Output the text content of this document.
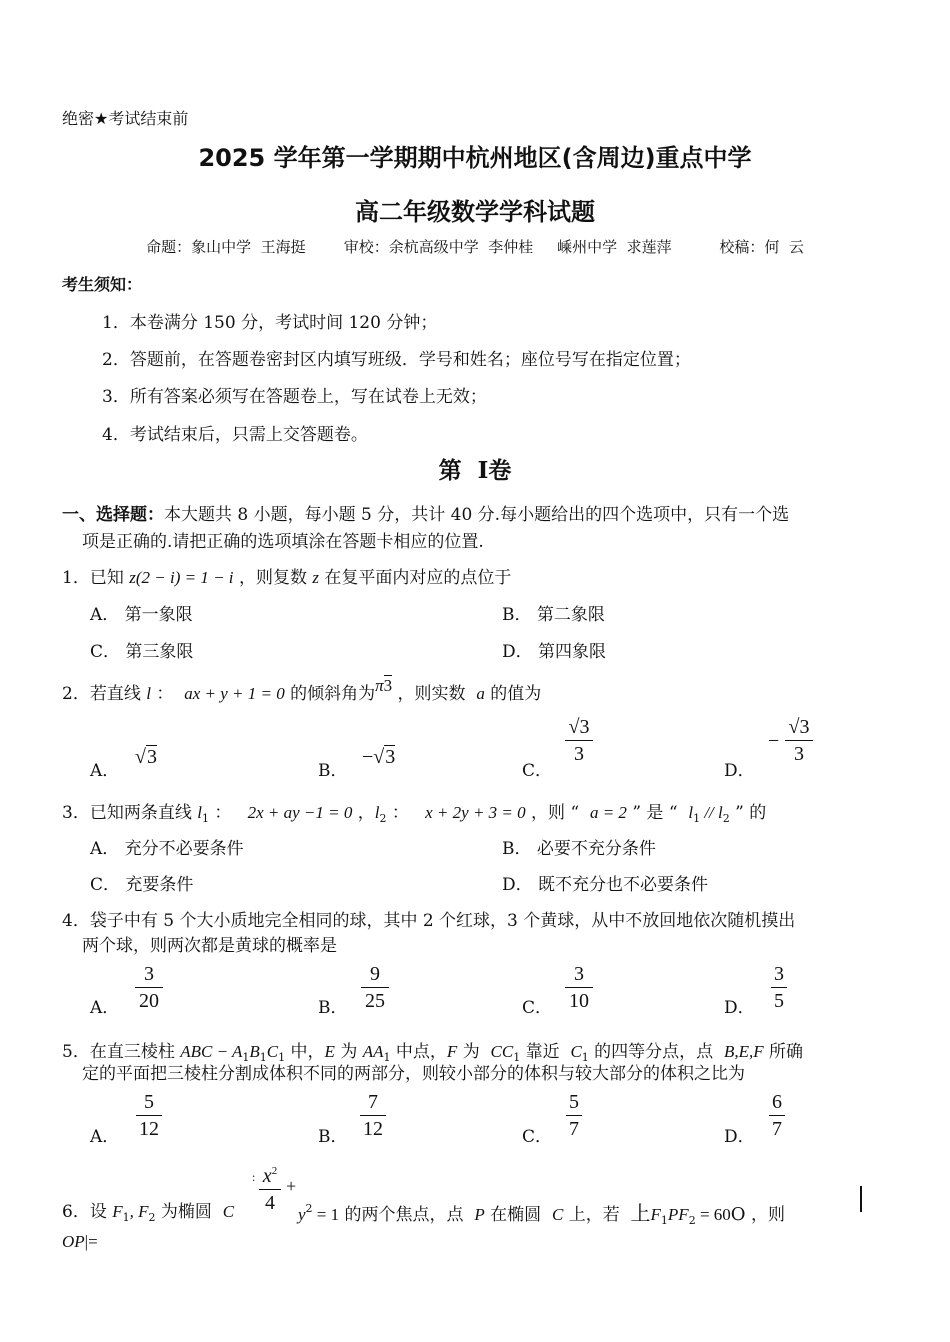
绝密★考试结束前
2025 学年第一学期期中杭州地区(含周边)重点中学
高二年级数学学科试题
命题：象山中学  王海挺        审校：余杭高级中学  李仲桂     嵊州中学  求莲萍          校稿：何  云
考生须知：
1．本卷满分 150 分，考试时间 120 分钟；
2．答题前，在答题卷密封区内填写班级．学号和姓名；座位号写在指定位置；
3．所有答案必须写在答题卷上，写在试卷上无效；
4．考试结束后，只需上交答题卷。
第  Ⅰ卷
一、选择题：本大题共 8 小题，每小题 5 分，共计 40 分.每小题给出的四个选项中，只有一个选
项是正确的.请把正确的选项填涂在答题卡相应的位置.
1．已知 z(2 − i) = 1 − i ，则复数 z 在复平面内对应的点位于
A． 第一象限	B． 第二象限
C． 第三象限	D． 第四象限
2．若直线 l ：  ax + y + 1 = 0 的倾斜角为π3 ，则实数  a 的值为
A．
√3
B．
−√3
C．
√3
3
D．
−
√3
3
3．已知两条直线 $l_1$ ：   2x + ay −1 = 0 ，$l_2$ ：   x + 2y + 3 = 0 ，则 “  a = 2 ” 是 “  $l_1 // l_2$ ” 的
A． 充分不必要条件	B． 必要不充分条件
C． 充要条件	D． 既不充分也不必要条件
4．袋子中有 5 个大小质地完全相同的球，其中 2 个红球，3 个黄球，从中不放回地依次随机摸出
两个球，则两次都是黄球的概率是
A．
3
20	B．
9
25	C．
3
10	D．
3
5
5．在直三棱柱 ABC − $A_1B_1C_1$ 中，E 为 $AA_1$ 中点，F 为  $CC_1$ 靠近  $C_1$ 的四等分点，点  B,E,F 所确
定的平面把三棱柱分割成体积不同的两部分，则较小部分的体积与较大部分的体积之比为
A．
5
12	B．
7
12	C．
5
7	D．
6
7
6．设 $F_1$, $F_2$ 为椭圆  C
: $x^2$
4
+
$y^2 = 1$ 的两个焦点，点  P 在椭圆  C 上，若  上$F_1PF_2 = 60O$ ，则
OP|=
